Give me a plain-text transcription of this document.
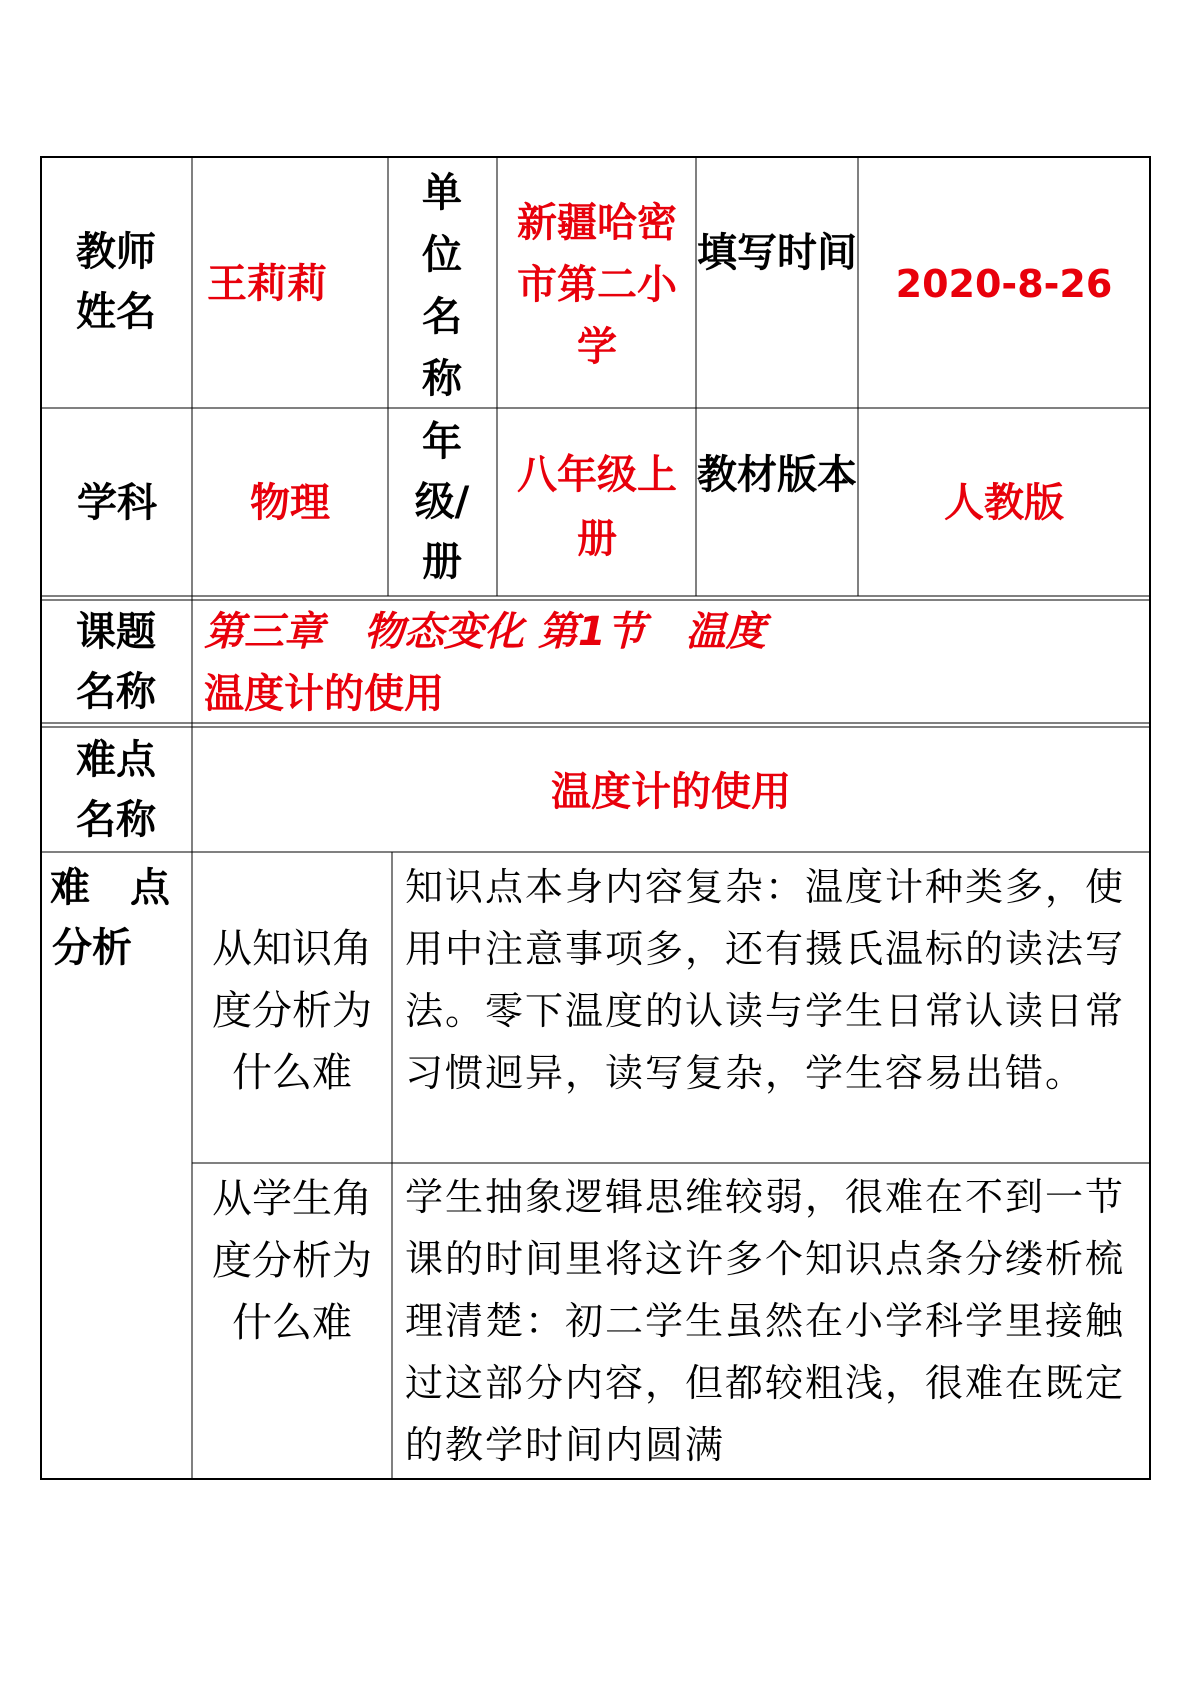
教师姓名
王莉莉
单位名称
新疆哈密市第二小学
填写时间
2020-8-26
学科	物理
年级/册
八年级上册
教材版本
人教版
课题名称
第三章　物态变化 第1节　温度
温度计的使用
难点名称
温度计的使用
难　点
分析	从知识角度分析为什么难
知识点本身内容复杂：温度计种类多，使用中注意事项多，还有摄氏温标的读法写法。零下温度的认读与学生日常认读日常习惯迥异，读写复杂，学生容易出错。
从学生角度分析为什么难
学生抽象逻辑思维较弱，很难在不到一节课的时间里将这许多个知识点条分缕析梳理清楚：初二学生虽然在小学科学里接触过这部分内容，但都较粗浅，很难在既定的教学时间内圆满
